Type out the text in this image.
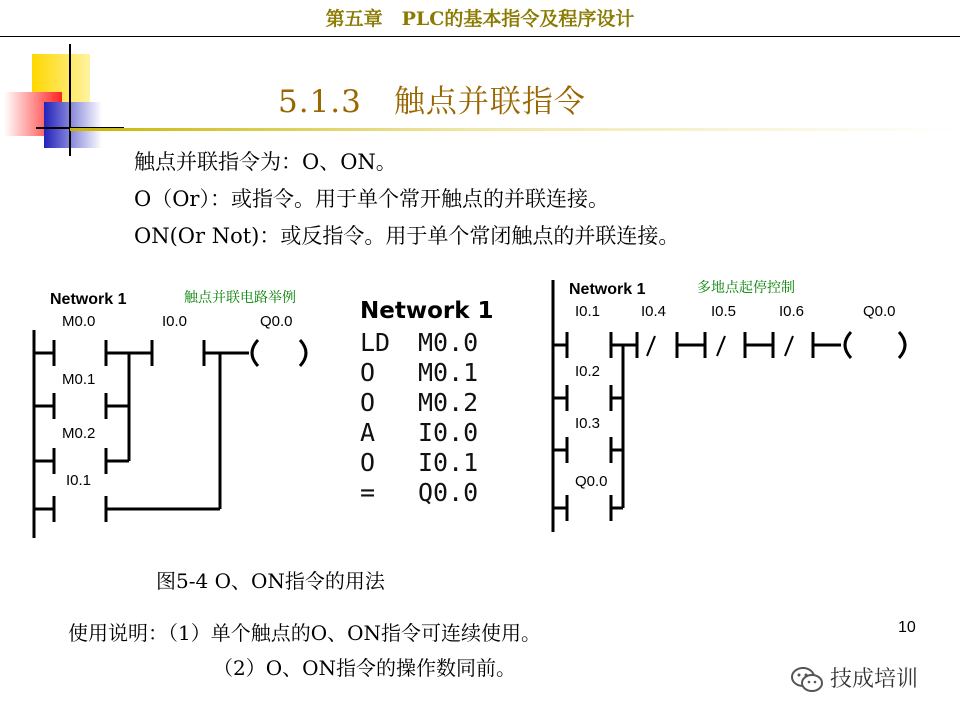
第五章　PLC的基本指令及程序设计
5.1.3　触点并联指令
触点并联指令为：O、ON。
O（Or）：或指令。用于单个常开触点的并联连接。
ON(Or Not)：或反指令。用于单个常闭触点的并联连接。
Network 1	触点并联电路举例
M0.0	I0.0	Q0.0
M0.1
M0.2
I0.1
Network 1
LD M0.0
O M0.1
O M0.2
A I0.0
O I0.1
= Q0.0
Network 1	多地点起停控制
I0.1	I0.4	I0.5	I0.6	Q0.0
I0.2
I0.3
Q0.0
图5-4 O、ON指令的用法
使用说明：（1）单个触点的O、ON指令可连续使用。
（2）O、ON指令的操作数同前。
10
技成培训
